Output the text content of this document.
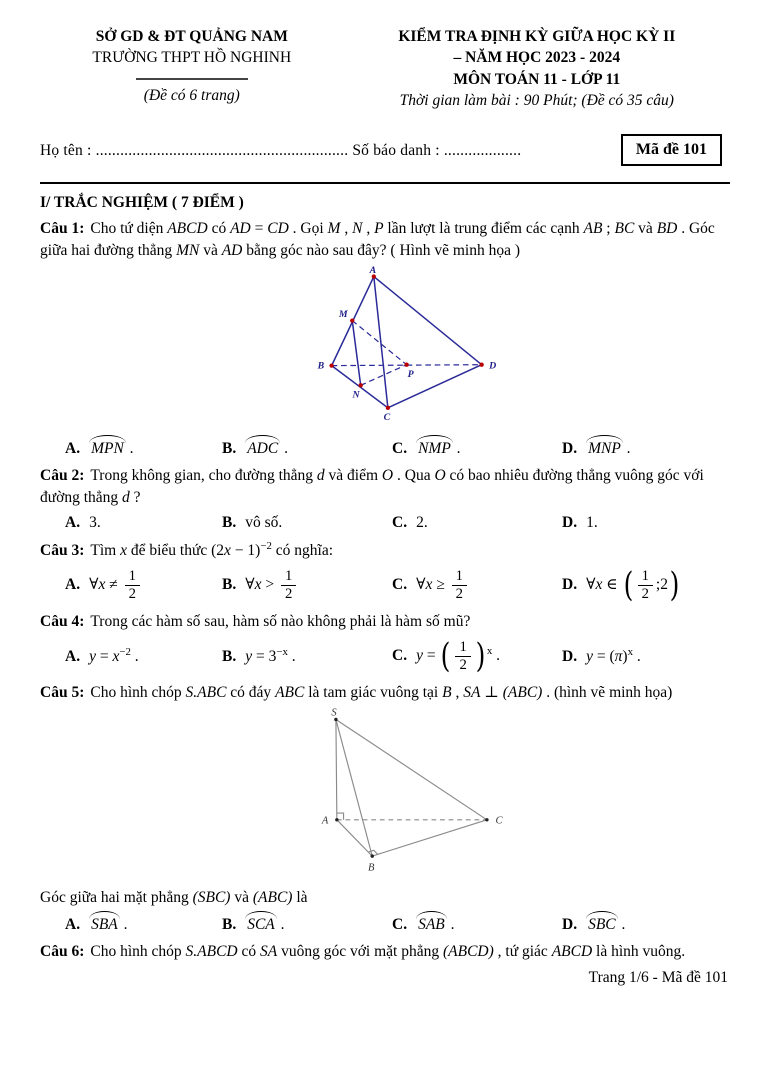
SỞ GD & ĐT QUẢNG NAM
TRƯỜNG THPT HỒ NGHINH
(Đề có 6 trang)
KIỂM TRA ĐỊNH KỲ GIỮA HỌC KỲ II
– NĂM HỌC 2023 - 2024
MÔN TOÁN 11 - LỚP 11
Thời gian làm bài : 90 Phút; (Đề có 35 câu)
Họ tên : .............................................................. Số báo danh : ...................	Mã đề 101
I/ TRẮC NGHIỆM ( 7 ĐIỂM )

Câu 1: Cho tứ diện ABCD có AD = CD . Gọi M , N , P lần lượt là trung điểm các cạnh AB ; BC và BD . Góc giữa hai đường thẳng MN và AD bằng góc nào sau đây? ( Hình vẽ minh họa )

A
M
B
N
C
P
D
A. MPN .	B. ADC .	C. NMP .	D. MNP .

Câu 2: Trong không gian, cho đường thẳng d và điểm O . Qua O có bao nhiêu đường thẳng vuông góc với đường thẳng d ?

A. 3.	B. vô số.	C. 2.	D. 1.

Câu 3: Tìm x để biểu thức $(2x - 1)^{-2}$ có nghĩa:

A. ∀x ≠ $\frac{1}{2}$	B. ∀x > $\frac{1}{2}$	C. ∀x ≥ $\frac{1}{2}$	D. ∀x ∈ ( $\frac{1}{2}$ ;2)

Câu 4: Trong các hàm số sau, hàm số nào không phải là hàm số mũ?

A. $y = x^{-2}$ .	B. $y = 3^{-x}$ .	C. y = ( $\frac{1}{2}$ ) $^x$ .	D. $y = (\pi)^x$ .

Câu 5: Cho hình chóp S.ABC có đáy ABC là tam giác vuông tại B , SA ⊥ (ABC) . (hình vẽ minh họa)

S
A	C
B

Góc giữa hai mặt phẳng (SBC) và (ABC) là

A. SBA .	B. SCA .	C. SAB .	D. SBC .

Câu 6: Cho hình chóp S.ABCD có SA vuông góc với mặt phẳng (ABCD) , tứ giác ABCD là hình vuông.

Trang 1/6 - Mã đề 101
